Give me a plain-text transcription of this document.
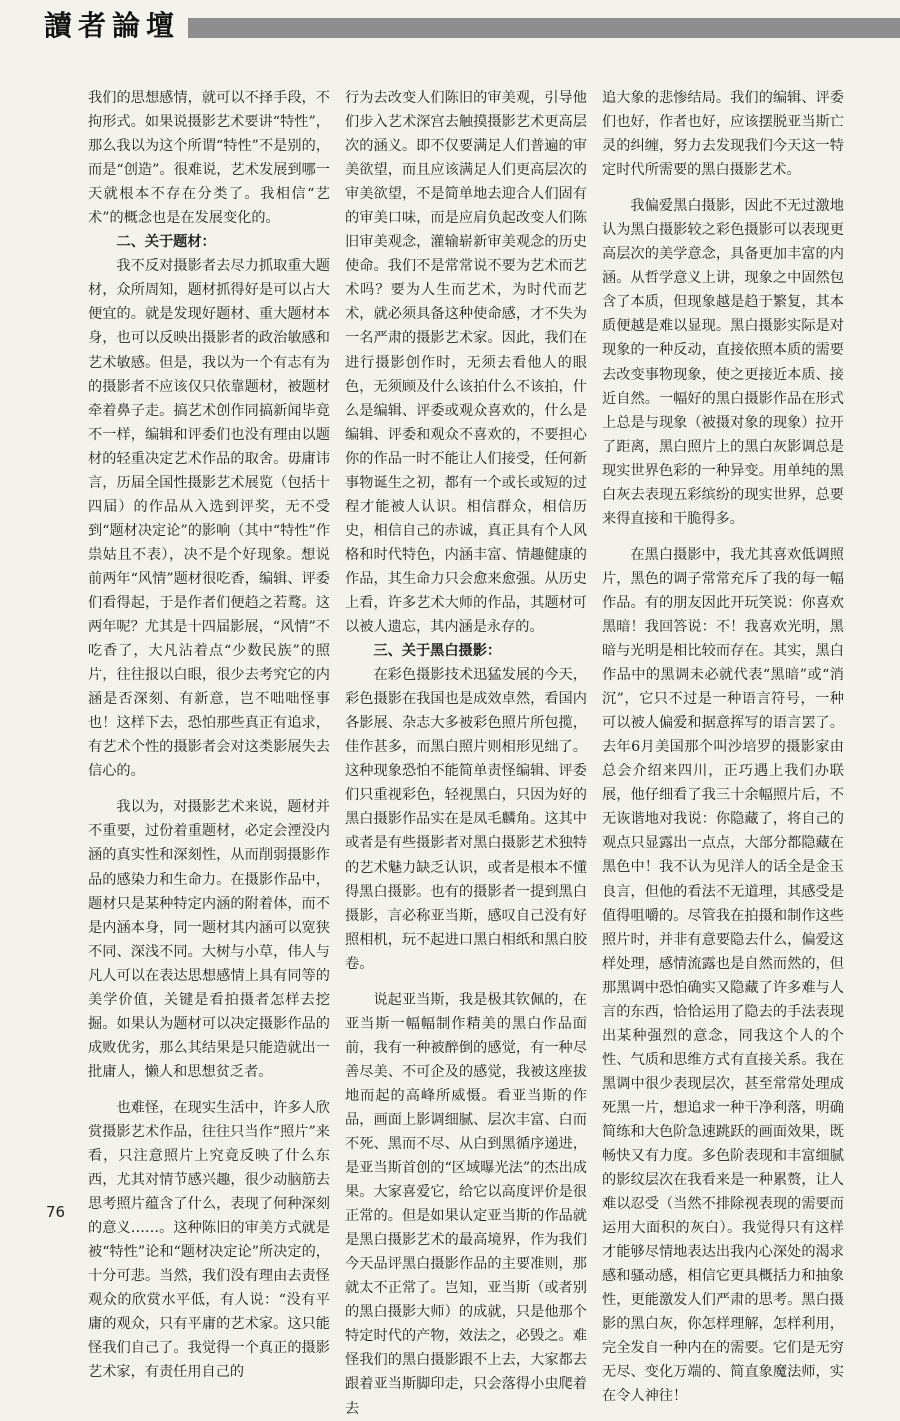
讀者論壇

我们的思想感情，就可以不择手段，不拘形式。如果说摄影艺术要讲“特性”，那么我以为这个所谓“特性”不是别的，而是“创造”。很难说，艺术发展到哪一天就根本不存在分类了。我相信“艺术”的概念也是在发展变化的。

二、关于题材：

我不反对摄影者去尽力抓取重大题材，众所周知，题材抓得好是可以占大便宜的。就是发现好题材、重大题材本身，也可以反映出摄影者的政治敏感和艺术敏感。但是，我以为一个有志有为的摄影者不应该仅只依靠题材，被题材牵着鼻子走。搞艺术创作同搞新闻毕竟不一样，编辑和评委们也没有理由以题材的轻重决定艺术作品的取舍。毋庸讳言，历届全国性摄影艺术展览（包括十四届）的作品从入选到评奖，无不受到“题材决定论”的影响（其中“特性”作祟姑且不表），决不是个好现象。想说前两年“风情”题材很吃香，编辑、评委们看得起，于是作者们便趋之若鹜。这两年呢？尤其是十四届影展，“风情”不吃香了，大凡沾着点“少数民族”的照片，往往报以白眼，很少去考究它的内涵是否深刻、有新意，岂不咄咄怪事也！这样下去，恐怕那些真正有追求，有艺术个性的摄影者会对这类影展失去信心的。

我以为，对摄影艺术来说，题材并不重要，过份着重题材，必定会湮没内涵的真实性和深刻性，从而削弱摄影作品的感染力和生命力。在摄影作品中，题材只是某种特定内涵的附着体，而不是内涵本身，同一题材其内涵可以宽狭不同、深浅不同。大树与小草，伟人与凡人可以在表达思想感情上具有同等的美学价值，关键是看拍摄者怎样去挖掘。如果认为题材可以决定摄影作品的成败优劣，那么其结果是只能造就出一批庸人，懒人和思想贫乏者。

也难怪，在现实生活中，许多人欣赏摄影艺术作品，往往只当作“照片”来看，只注意照片上究竟反映了什么东西，尤其对情节感兴趣，很少动脑筋去思考照片蕴含了什么，表现了何种深刻的意义……。这种陈旧的审美方式就是被“特性”论和“题材决定论”所决定的，十分可悲。当然，我们没有理由去责怪观众的欣赏水平低，有人说：“没有平庸的观众，只有平庸的艺术家。这只能怪我们自己了。我觉得一个真正的摄影艺术家，有责任用自己的

行为去改变人们陈旧的审美观，引导他们步入艺术深宫去触摸摄影艺术更高层次的涵义。即不仅要满足人们普遍的审美欲望，而且应该满足人们更高层次的审美欲望，不是简单地去迎合人们固有的审美口味，而是应肩负起改变人们陈旧审美观念，灌输崭新审美观念的历史使命。我们不是常常说不要为艺术而艺术吗？要为人生而艺术，为时代而艺术，就必须具备这种使命感，才不失为一名严肃的摄影艺术家。因此，我们在进行摄影创作时，无须去看他人的眼色，无须顾及什么该拍什么不该拍，什么是编辑、评委或观众喜欢的，什么是编辑、评委和观众不喜欢的，不要担心你的作品一时不能让人们接受，任何新事物诞生之初，都有一个或长或短的过程才能被人认识。相信群众，相信历史，相信自己的赤诚，真正具有个人风格和时代特色，内涵丰富、情趣健康的作品，其生命力只会愈来愈强。从历史上看，许多艺术大师的作品，其题材可以被人遗忘，其内涵是永存的。

三、关于黑白摄影：

在彩色摄影技术迅猛发展的今天，彩色摄影在我国也是成效卓然，看国内各影展、杂志大多被彩色照片所包揽，佳作甚多，而黑白照片则相形见绌了。这种现象恐怕不能简单责怪编辑、评委们只重视彩色，轻视黑白，只因为好的黑白摄影作品实在是凤毛麟角。这其中或者是有些摄影者对黑白摄影艺术独特的艺术魅力缺乏认识，或者是根本不懂得黑白摄影。也有的摄影者一提到黑白摄影，言必称亚当斯，感叹自己没有好照相机，玩不起进口黑白相纸和黑白胶卷。

说起亚当斯，我是极其钦佩的，在亚当斯一幅幅制作精美的黑白作品面前，我有一种被醉倒的感觉，有一种尽善尽美、不可企及的感觉，我被这座拔地而起的高峰所威慑。看亚当斯的作品，画面上影调细腻、层次丰富、白而不死、黑而不尽、从白到黑循序递进，是亚当斯首创的“区域曝光法”的杰出成果。大家喜爱它，给它以高度评价是很正常的。但是如果认定亚当斯的作品就是黑白摄影艺术的最高境界，作为我们今天品评黑白摄影作品的主要准则，那就太不正常了。岂知，亚当斯（或者别的黑白摄影大师）的成就，只是他那个特定时代的产物，效法之，必毁之。难怪我们的黑白摄影跟不上去，大家都去跟着亚当斯脚印走，只会落得小虫爬着去

追大象的悲惨结局。我们的编辑、评委们也好，作者也好，应该摆脱亚当斯亡灵的纠缠，努力去发现我们今天这一特定时代所需要的黑白摄影艺术。

我偏爱黑白摄影，因此不无过激地认为黑白摄影较之彩色摄影可以表现更高层次的美学意念，具备更加丰富的内涵。从哲学意义上讲，现象之中固然包含了本质，但现象越是趋于繁复，其本质便越是难以显现。黑白摄影实际是对现象的一种反动，直接依照本质的需要去改变事物现象，使之更接近本质、接近自然。一幅好的黑白摄影作品在形式上总是与现象（被摄对象的现象）拉开了距离，黑白照片上的黑白灰影调总是现实世界色彩的一种异变。用单纯的黑白灰去表现五彩缤纷的现实世界，总要来得直接和干脆得多。

在黑白摄影中，我尤其喜欢低调照片，黑色的调子常常充斥了我的每一幅作品。有的朋友因此开玩笑说：你喜欢黑暗！我回答说：不！我喜欢光明，黑暗与光明是相比较而存在。其实，黑白作品中的黑调未必就代表“黑暗”或“消沉”，它只不过是一种语言符号，一种可以被人偏爱和据意挥写的语言罢了。去年6月美国那个叫沙培罗的摄影家由总会介绍来四川，正巧遇上我们办联展，他仔细看了我三十余幅照片后，不无诙谐地对我说：你隐藏了，将自己的观点只显露出一点点，大部分都隐藏在黑色中！我不认为见洋人的话全是金玉良言，但他的看法不无道理，其感受是值得咀嚼的。尽管我在拍摄和制作这些照片时，并非有意要隐去什么，偏爱这样处理，感情流露也是自然而然的，但那黑调中恐怕确实又隐藏了许多难与人言的东西，恰恰运用了隐去的手法表现出某种强烈的意念，同我这个人的个性、气质和思维方式有直接关系。我在黑调中很少表现层次，甚至常常处理成死黑一片，想追求一种干净利落，明确简练和大色阶急速跳跃的画面效果，既畅快又有力度。多色阶表现和丰富细腻的影纹层次在我看来是一种累赘，让人难以忍受（当然不排除视表现的需要而运用大面积的灰白）。我觉得只有这样才能够尽情地表达出我内心深处的渴求感和骚动感，相信它更具概括力和抽象性，更能激发人们严肃的思考。黑白摄影的黑白灰，你怎样理解，怎样利用，完全发自一种内在的需要。它们是无穷无尽、变化万端的、简直象魔法师，实在令人神往！

76
